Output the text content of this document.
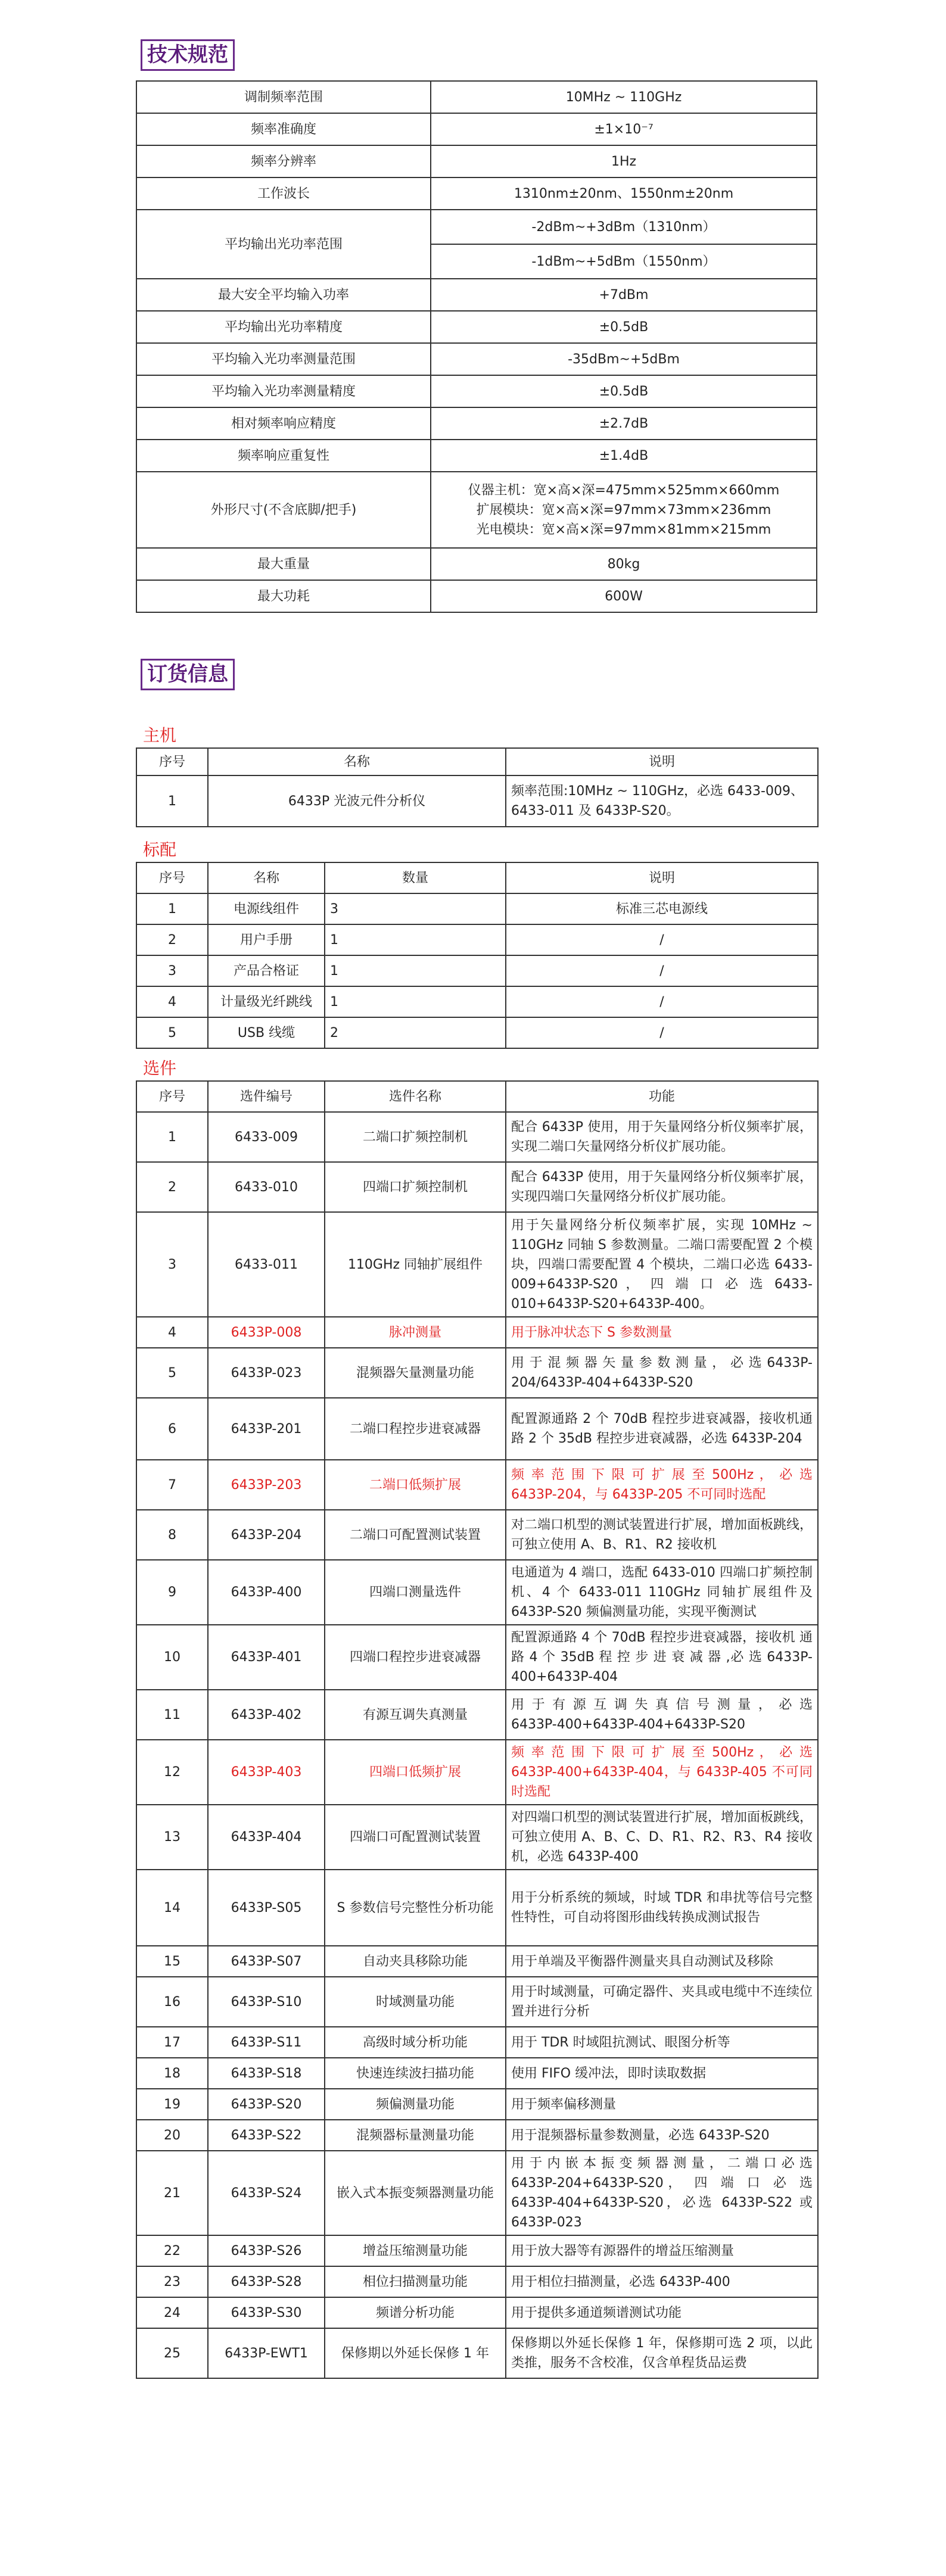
技术规范
调制频率范围	10MHz ~ 110GHz
频率准确度	±1×10⁻⁷
频率分辨率	1Hz
工作波长	1310nm±20nm、1550nm±20nm
平均输出光功率范围	-2dBm~+3dBm（1310nm）
	-1dBm~+5dBm（1550nm）
最大安全平均输入功率	+7dBm
平均输出光功率精度	±0.5dB
平均输入光功率测量范围	-35dBm~+5dBm
平均输入光功率测量精度	±0.5dB
相对频率响应精度	±2.7dB
频率响应重复性	±1.4dB
外形尺寸(不含底脚/把手)	仪器主机：宽×高×深=475mm×525mm×660mm
扩展模块：宽×高×深=97mm×73mm×236mm
光电模块：宽×高×深=97mm×81mm×215mm
最大重量	80kg
最大功耗	600W
订货信息
主机
序号	名称	说明
1	6433P 光波元件分析仪	频率范围:10MHz ~ 110GHz，必选 6433-009、6433-011 及 6433P-S20。
标配
序号	名称	数量	说明
1	电源线组件	3	标准三芯电源线
2	用户手册	1	/
3	产品合格证	1	/
4	计量级光纤跳线	1	/
5	USB 线缆	2	/
选件
序号	选件编号	选件名称	功能
1	6433-009	二端口扩频控制机	配合 6433P 使用，用于矢量网络分析仪频率扩展，实现二端口矢量网络分析仪扩展功能。
2	6433-010	四端口扩频控制机	配合 6433P 使用，用于矢量网络分析仪频率扩展，实现四端口矢量网络分析仪扩展功能。
3	6433-011	110GHz 同轴扩展组件	用于矢量网络分析仪频率扩展，实现 10MHz ~ 110GHz 同轴 S 参数测量。二端口需要配置 2 个模块，四端口需要配置 4 个模块，二端口必选 6433-009+6433P-S20 ， 四 端 口 必 选 6433-010+6433P-S20+6433P-400。
4	6433P-008	脉冲测量	用于脉冲状态下 S 参数测量
5	6433P-023	混频器矢量测量功能	用 于 混 频 器 矢 量 参 数 测 量 ， 必 选 6433P-204/6433P-404+6433P-S20
6	6433P-201	二端口程控步进衰减器	配置源通路 2 个 70dB 程控步进衰减器，接收机通路 2 个 35dB 程控步进衰减器，必选 6433P-204
7	6433P-203	二端口低频扩展	频 率 范 围 下 限 可 扩 展 至 500Hz ， 必 选 6433P-204，与 6433P-205 不可同时选配
8	6433P-204	二端口可配置测试装置	对二端口机型的测试装置进行扩展，增加面板跳线，可独立使用 A、B、R1、R2 接收机
9	6433P-400	四端口测量选件	电通道为 4 端口，选配 6433-010 四端口扩频控制机、4 个 6433-011 110GHz 同轴扩展组件及 6433P-S20 频偏测量功能，实现平衡测试
10	6433P-401	四端口程控步进衰减器	配置源通路 4 个 70dB 程控步进衰减器，接收机 通 路 4 个 35dB 程 控 步 进 衰 减 器 ,必 选 6433P-400+6433P-404
11	6433P-402	有源互调失真测量	用 于 有 源 互 调 失 真 信 号 测 量 ， 必 选 6433P-400+6433P-404+6433P-S20
12	6433P-403	四端口低频扩展	频 率 范 围 下 限 可 扩 展 至 500Hz ， 必 选 6433P-400+6433P-404，与 6433P-405 不可同时选配
13	6433P-404	四端口可配置测试装置	对四端口机型的测试装置进行扩展，增加面板跳线，可独立使用 A、B、C、D、R1、R2、R3、R4 接收机，必选 6433P-400
14	6433P-S05	S 参数信号完整性分析功能	用于分析系统的频域，时域 TDR 和串扰等信号完整性特性，可自动将图形曲线转换成测试报告
15	6433P-S07	自动夹具移除功能	用于单端及平衡器件测量夹具自动测试及移除
16	6433P-S10	时域测量功能	用于时域测量，可确定器件、夹具或电缆中不连续位置并进行分析
17	6433P-S11	高级时域分析功能	用于 TDR 时域阻抗测试、眼图分析等
18	6433P-S18	快速连续波扫描功能	使用 FIFO 缓冲法，即时读取数据
19	6433P-S20	频偏测量功能	用于频率偏移测量
20	6433P-S22	混频器标量测量功能	用于混频器标量参数测量，必选 6433P-S20
21	6433P-S24	嵌入式本振变频器测量功能	用 于 内 嵌 本 振 变 频 器 测 量 ， 二 端 口 必 选 6433P-204+6433P-S20， 四 端 口 必 选 6433P-404+6433P-S20，必选 6433P-S22 或 6433P-023
22	6433P-S26	增益压缩测量功能	用于放大器等有源器件的增益压缩测量
23	6433P-S28	相位扫描测量功能	用于相位扫描测量，必选 6433P-400
24	6433P-S30	频谱分析功能	用于提供多通道频谱测试功能
25	6433P-EWT1	保修期以外延长保修 1 年	保修期以外延长保修 1 年，保修期可选 2 项，以此类推，服务不含校准，仅含单程货品运费
